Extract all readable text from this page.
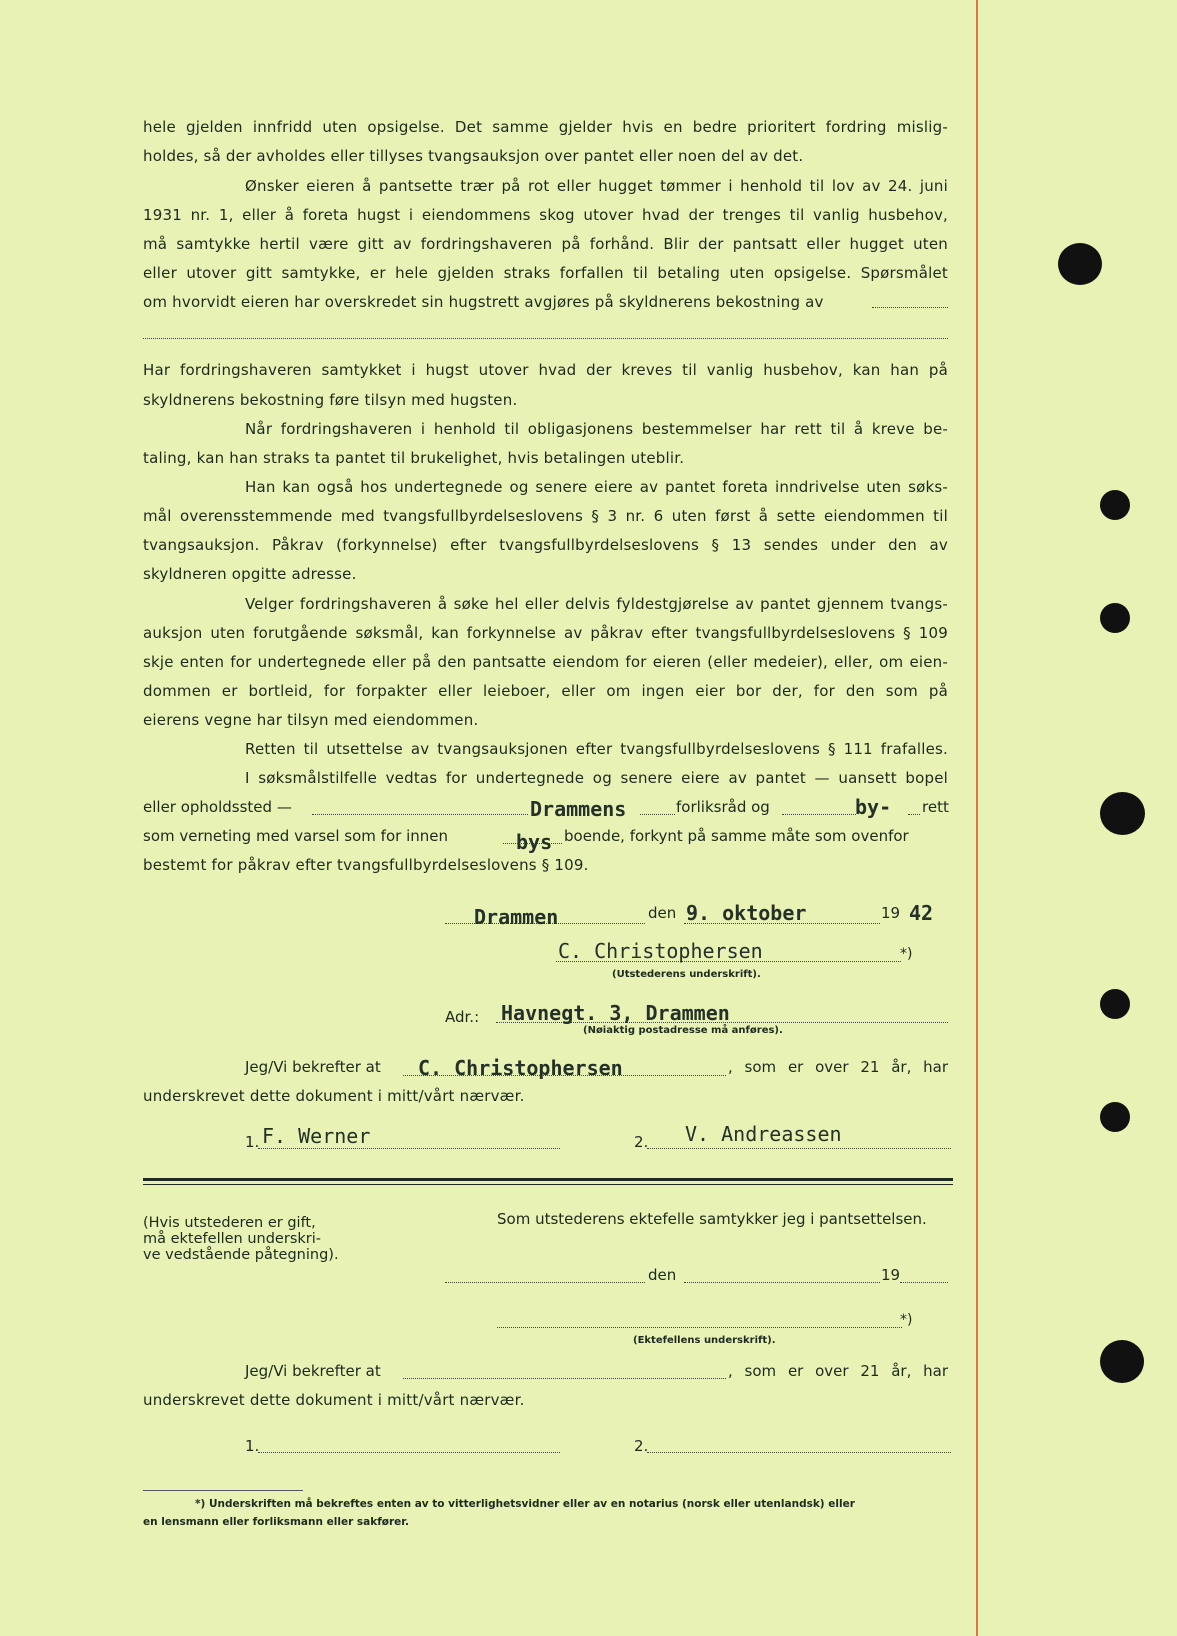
hele gjelden innfridd uten opsigelse. Det samme gjelder hvis en bedre prioritert fordring mislig-
holdes, så der avholdes eller tillyses tvangsauksjon over pantet eller noen del av det.
Ønsker eieren å pantsette trær på rot eller hugget tømmer i henhold til lov av 24. juni
1931 nr. 1, eller å foreta hugst i eiendommens skog utover hvad der trenges til vanlig husbehov,
må samtykke hertil være gitt av fordringshaveren på forhånd. Blir der pantsatt eller hugget uten
eller utover gitt samtykke, er hele gjelden straks forfallen til betaling uten opsigelse. Spørsmålet
om hvorvidt eieren har overskredet sin hugstrett avgjøres på skyldnerens bekostning av
Har fordringshaveren samtykket i hugst utover hvad der kreves til vanlig husbehov, kan han på
skyldnerens bekostning føre tilsyn med hugsten.
Når fordringshaveren i henhold til obligasjonens bestemmelser har rett til å kreve be-
taling, kan han straks ta pantet til brukelighet, hvis betalingen uteblir.
Han kan også hos undertegnede og senere eiere av pantet foreta inndrivelse uten søks-
mål overensstemmende med tvangsfullbyrdelseslovens § 3 nr. 6 uten først å sette eiendommen til
tvangsauksjon. Påkrav (forkynnelse) efter tvangsfullbyrdelseslovens § 13 sendes under den av
skyldneren opgitte adresse.
Velger fordringshaveren å søke hel eller delvis fyldestgjørelse av pantet gjennem tvangs-
auksjon uten forutgående søksmål, kan forkynnelse av påkrav efter tvangsfullbyrdelseslovens § 109
skje enten for undertegnede eller på den pantsatte eiendom for eieren (eller medeier), eller, om eien-
dommen er bortleid, for forpakter eller leieboer, eller om ingen eier bor der, for den som på
eierens vegne har tilsyn med eiendommen.
Retten til utsettelse av tvangsauksjonen efter tvangsfullbyrdelseslovens § 111 frafalles.
I søksmålstilfelle vedtas for undertegnede og senere eiere av pantet — uansett bopel
eller opholdssted —	Drammens	forliksråd og	by- rett
som verneting med varsel som for innen	bys boende, forkynt på samme måte som ovenfor
bestemt for påkrav efter tvangsfullbyrdelseslovens § 109.
Drammen	den 9. oktober	19 42
C. Christophersen	*)
(Utstederens underskrift).
Adr.: Havnegt. 3, Drammen
(Nøiaktig postadresse må anføres).
Jeg/Vi bekrefter at C. Christophersen	, som er over 21 år, har
underskrevet dette dokument i mitt/vårt nærvær.
1. F. Werner	2. V. Andreassen
(Hvis utstederen er gift,
må ektefellen underskri-
ve vedstående påtegning).
Som utstederens ektefelle samtykker jeg i pantsettelsen.
den	19
*)
(Ektefellens underskrift).
Jeg/Vi bekrefter at	, som er over 21 år, har
underskrevet dette dokument i mitt/vårt nærvær.
1.	2.
*) Underskriften må bekreftes enten av to vitterlighetsvidner eller av en notarius (norsk eller utenlandsk) eller
en lensmann eller forliksmann eller sakfører.
